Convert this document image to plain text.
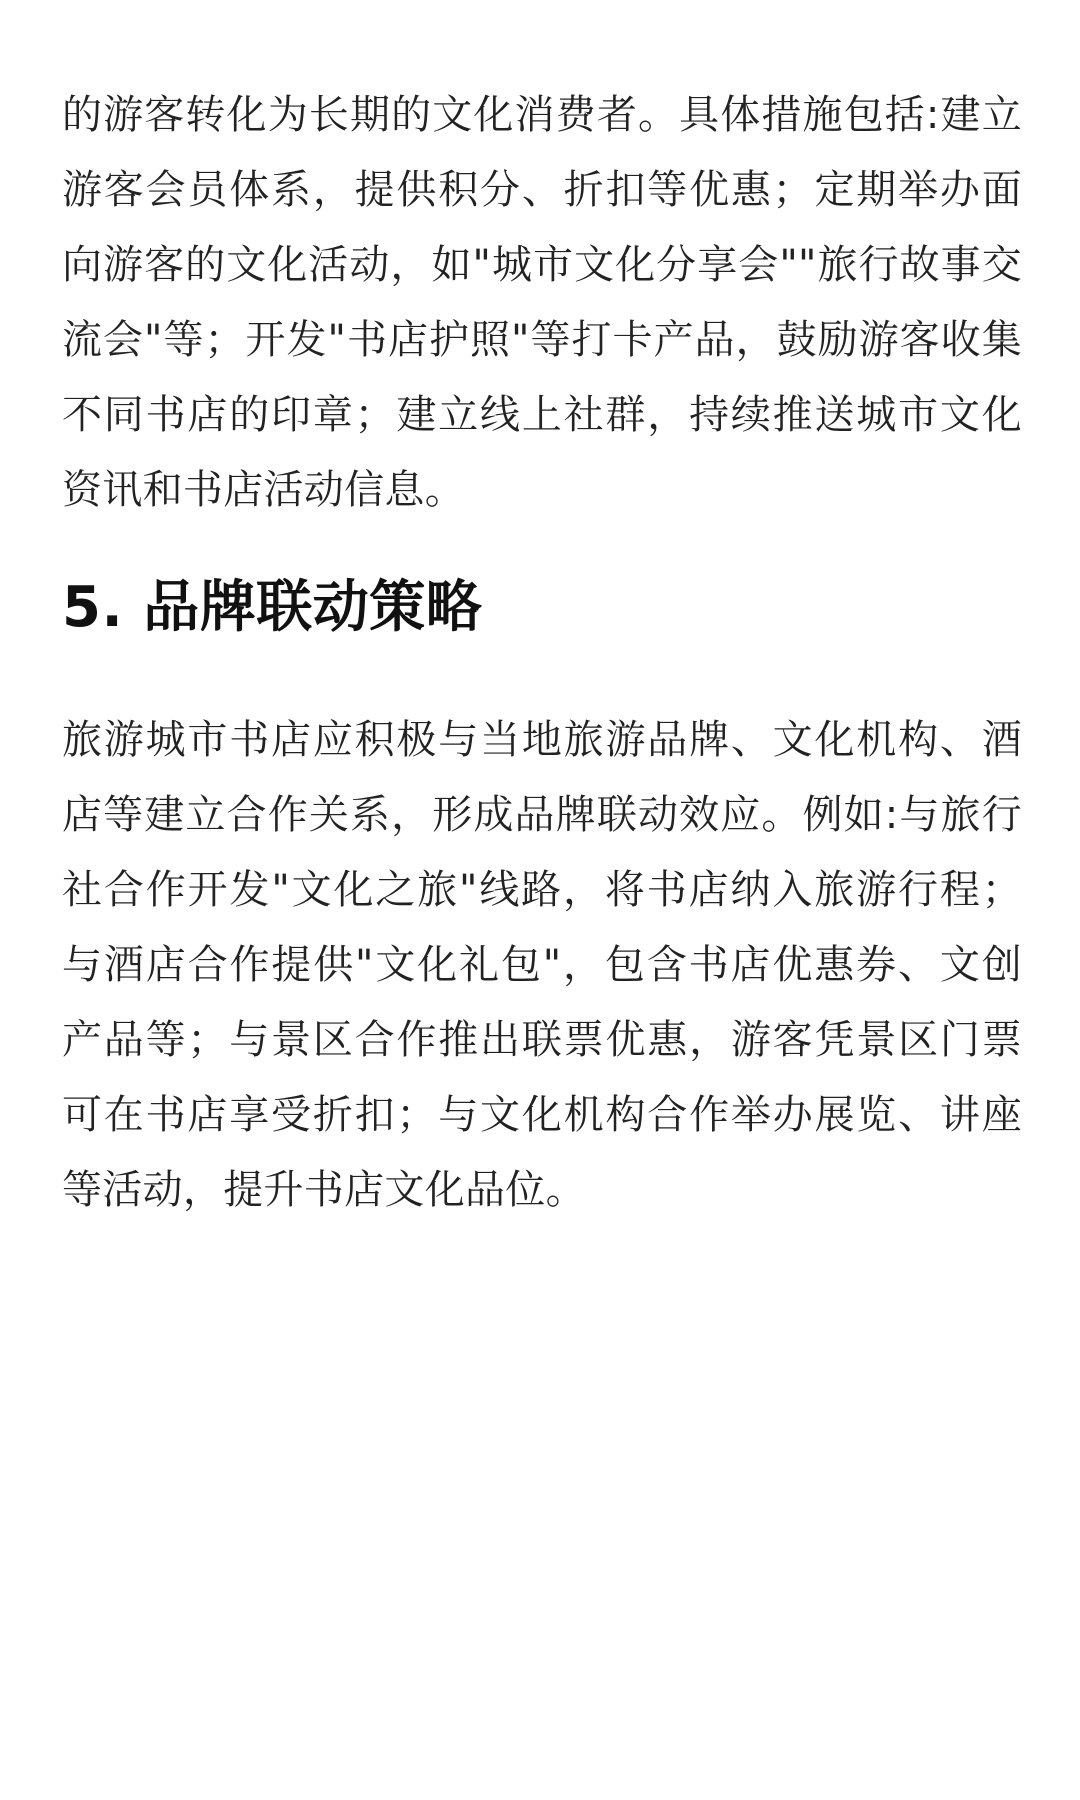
的游客转化为长期的文化消费者。具体措施包括:建立游客会员体系，提供积分、折扣等优惠；定期举办面向游客的文化活动，如"城市文化分享会""旅行故事交流会"等；开发"书店护照"等打卡产品，鼓励游客收集不同书店的印章；建立线上社群，持续推送城市文化资讯和书店活动信息。

5. 品牌联动策略

旅游城市书店应积极与当地旅游品牌、文化机构、酒店等建立合作关系，形成品牌联动效应。例如:与旅行社合作开发"文化之旅"线路，将书店纳入旅游行程；与酒店合作提供"文化礼包"，包含书店优惠券、文创产品等；与景区合作推出联票优惠，游客凭景区门票可在书店享受折扣；与文化机构合作举办展览、讲座等活动，提升书店文化品位。
